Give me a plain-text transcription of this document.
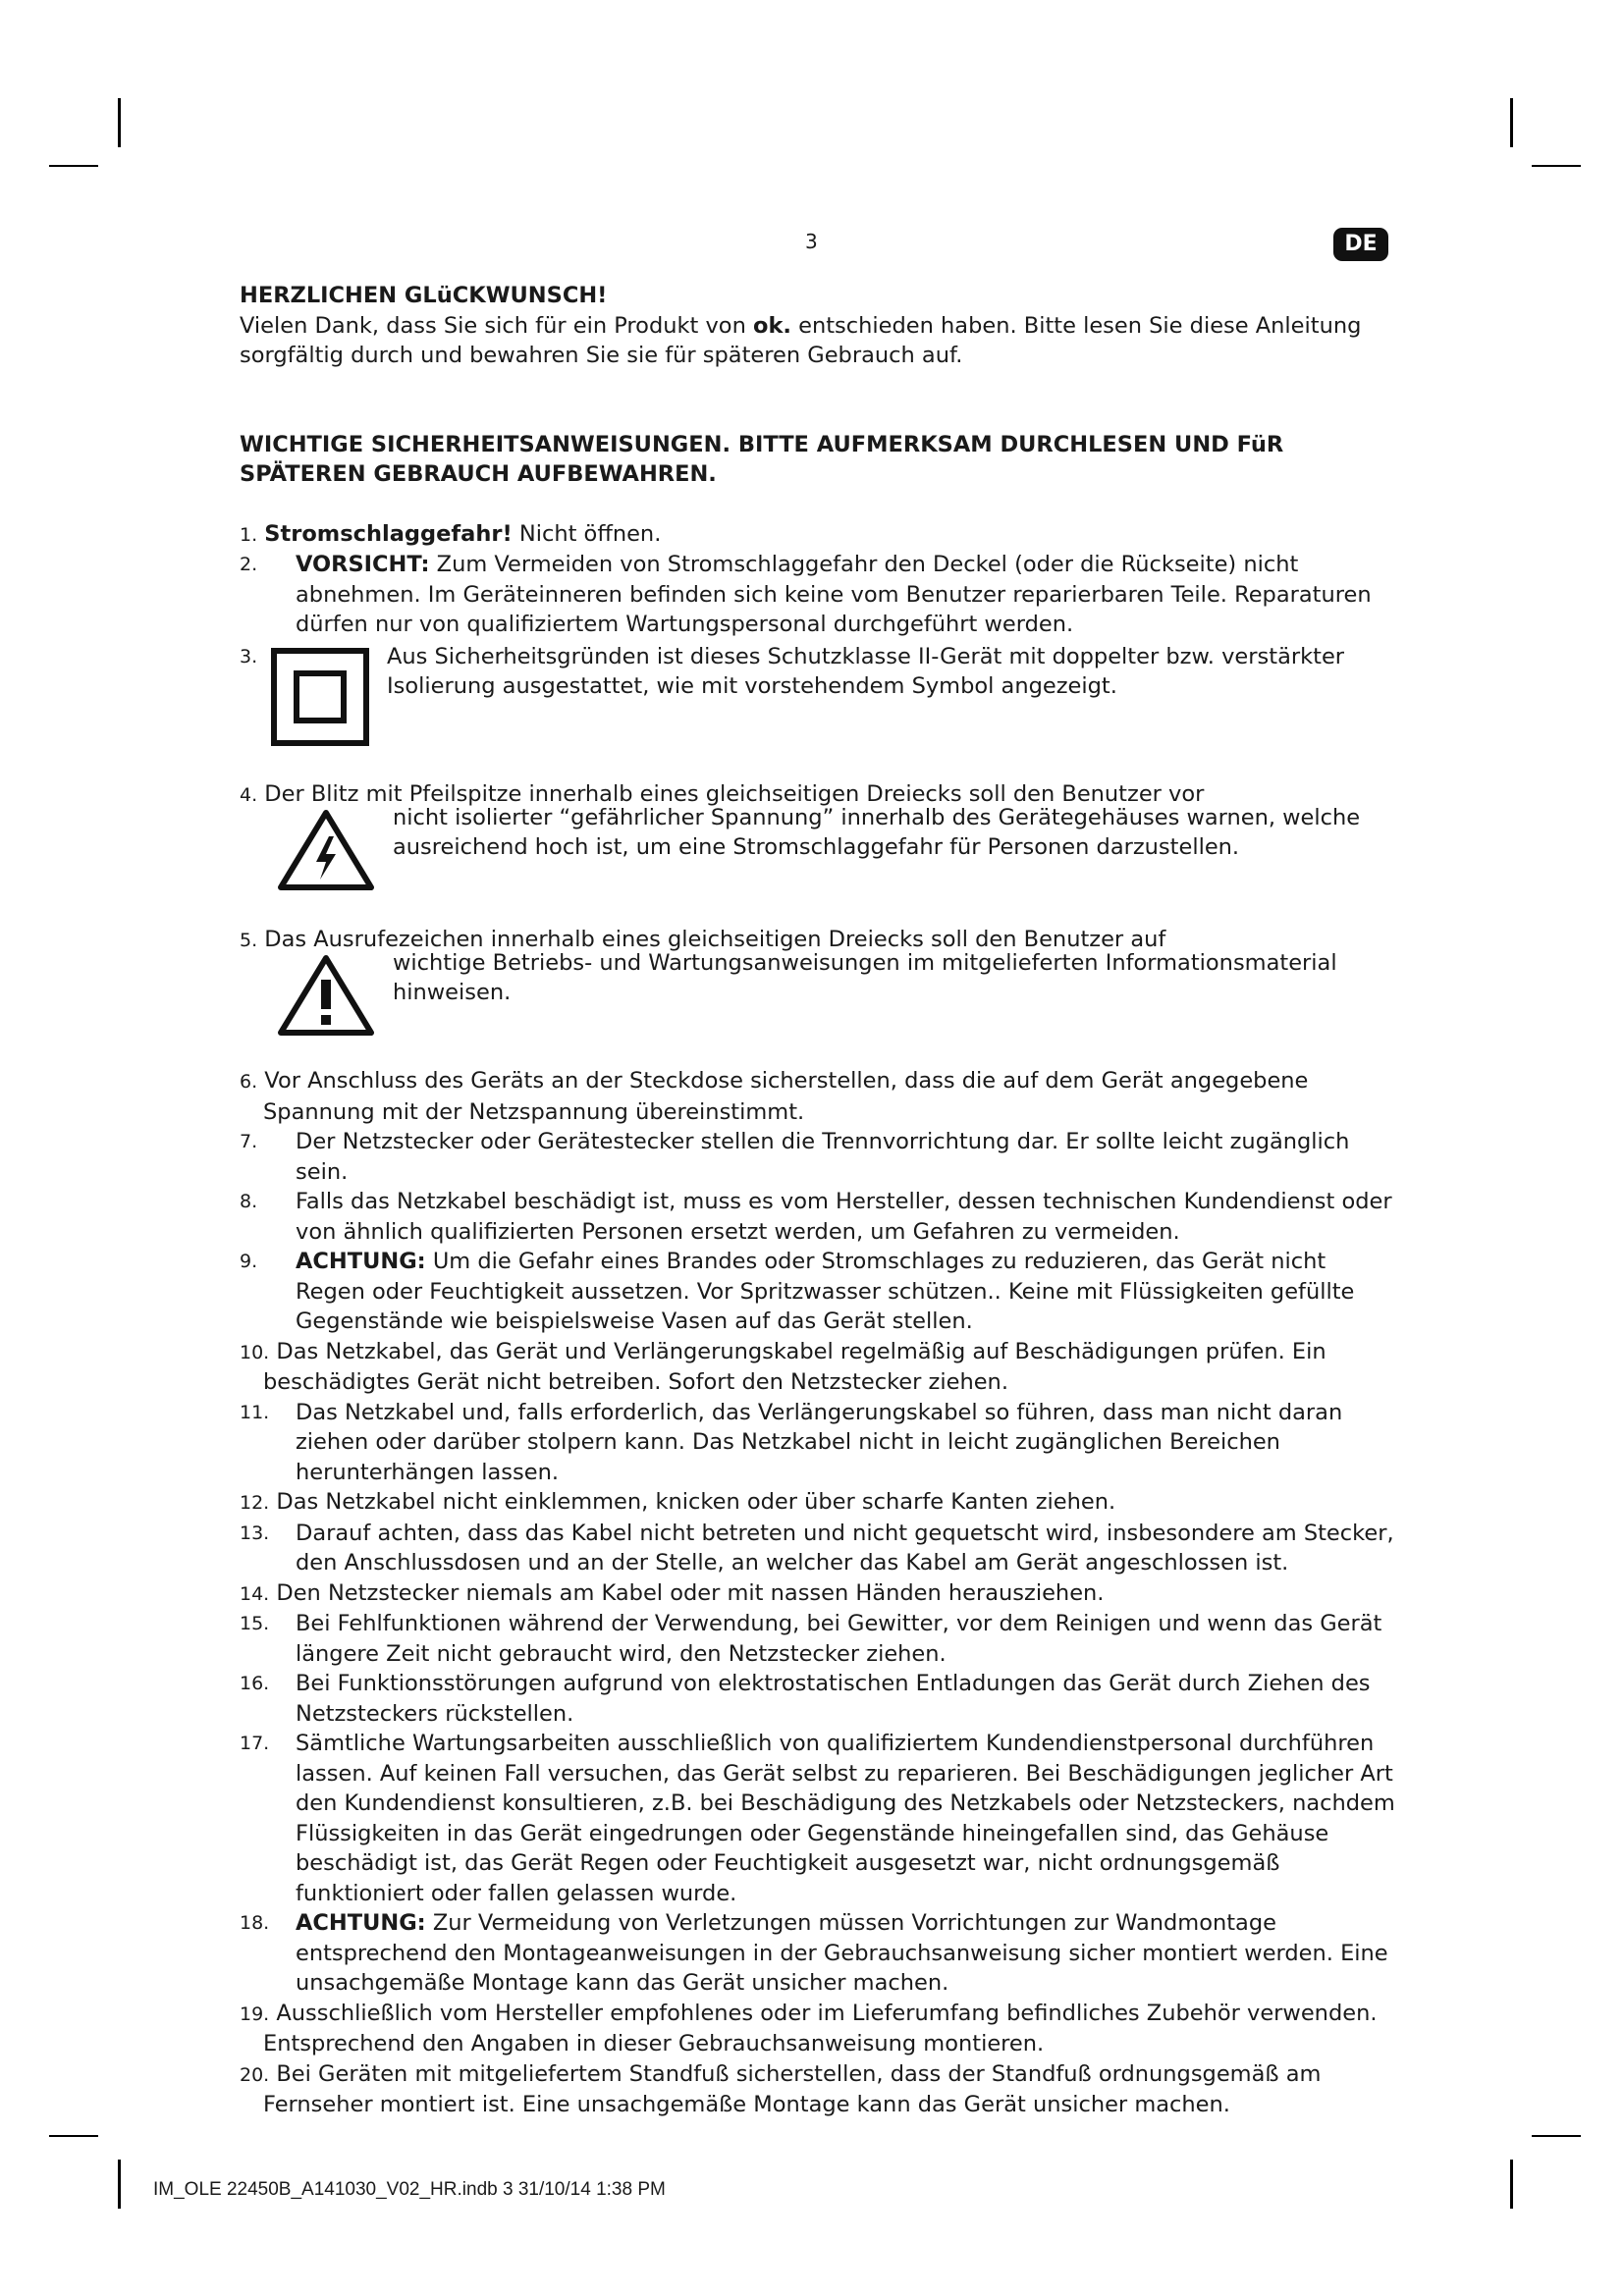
3	DE

HERZLICHEN GLüCKWUNSCH!

Vielen Dank, dass Sie sich für ein Produkt von ok. entschieden haben. Bitte lesen Sie diese Anleitung sorgfältig durch und bewahren Sie sie für späteren Gebrauch auf.

WICHTIGE SICHERHEITSANWEISUNGEN. BITTE AUFMERKSAM DURCHLESEN UND FüR SPÄTEREN GEBRAUCH AUFBEWAHREN.

1. Stromschlaggefahr! Nicht öffnen.
2.	VORSICHT: Zum Vermeiden von Stromschlaggefahr den Deckel (oder die Rückseite) nicht abnehmen. Im Geräteinneren befinden sich keine vom Benutzer reparierbaren Teile. Reparaturen dürfen nur von qualifiziertem Wartungspersonal durchgeführt werden.
3.	Aus Sicherheitsgründen ist dieses Schutzklasse II-Gerät mit doppelter bzw. verstärkter Isolierung ausgestattet, wie mit vorstehendem Symbol angezeigt.
4. Der Blitz mit Pfeilspitze innerhalb eines gleichseitigen Dreiecks soll den Benutzer vor
nicht isolierter “gefährlicher Spannung” innerhalb des Gerätegehäuses warnen, welche ausreichend hoch ist, um eine Stromschlaggefahr für Personen darzustellen.
5. Das Ausrufezeichen innerhalb eines gleichseitigen Dreiecks soll den Benutzer auf
wichtige Betriebs- und Wartungsanweisungen im mitgelieferten Informationsmaterial hinweisen.
6. Vor Anschluss des Geräts an der Steckdose sicherstellen, dass die auf dem Gerät angegebene Spannung mit der Netzspannung übereinstimmt.
7.	Der Netzstecker oder Gerätestecker stellen die Trennvorrichtung dar. Er sollte leicht zugänglich sein.
8.	Falls das Netzkabel beschädigt ist, muss es vom Hersteller, dessen technischen Kundendienst oder von ähnlich qualifizierten Personen ersetzt werden, um Gefahren zu vermeiden.
9.	ACHTUNG: Um die Gefahr eines Brandes oder Stromschlages zu reduzieren, das Gerät nicht Regen oder Feuchtigkeit aussetzen. Vor Spritzwasser schützen.. Keine mit Flüssigkeiten gefüllte Gegenstände wie beispielsweise Vasen auf das Gerät stellen.
10. Das Netzkabel, das Gerät und Verlängerungskabel regelmäßig auf Beschädigungen prüfen. Ein beschädigtes Gerät nicht betreiben. Sofort den Netzstecker ziehen.
11.	Das Netzkabel und, falls erforderlich, das Verlängerungskabel so führen, dass man nicht daran ziehen oder darüber stolpern kann. Das Netzkabel nicht in leicht zugänglichen Bereichen herunterhängen lassen.
12. Das Netzkabel nicht einklemmen, knicken oder über scharfe Kanten ziehen.
13.	Darauf achten, dass das Kabel nicht betreten und nicht gequetscht wird, insbesondere am Stecker, den Anschlussdosen und an der Stelle, an welcher das Kabel am Gerät angeschlossen ist.
14. Den Netzstecker niemals am Kabel oder mit nassen Händen herausziehen.
15.	Bei Fehlfunktionen während der Verwendung, bei Gewitter, vor dem Reinigen und wenn das Gerät längere Zeit nicht gebraucht wird, den Netzstecker ziehen.
16.	Bei Funktionsstörungen aufgrund von elektrostatischen Entladungen das Gerät durch Ziehen des Netzsteckers rückstellen.
17.	Sämtliche Wartungsarbeiten ausschließlich von qualifiziertem Kundendienstpersonal durchführen lassen. Auf keinen Fall versuchen, das Gerät selbst zu reparieren. Bei Beschädigungen jeglicher Art den Kundendienst konsultieren, z.B. bei Beschädigung des Netzkabels oder Netzsteckers, nachdem Flüssigkeiten in das Gerät eingedrungen oder Gegenstände hineingefallen sind, das Gehäuse beschädigt ist, das Gerät Regen oder Feuchtigkeit ausgesetzt war, nicht ordnungsgemäß funktioniert oder fallen gelassen wurde.
18.	ACHTUNG: Zur Vermeidung von Verletzungen müssen Vorrichtungen zur Wandmontage entsprechend den Montageanweisungen in der Gebrauchsanweisung sicher montiert werden. Eine unsachgemäße Montage kann das Gerät unsicher machen.
19. Ausschließlich vom Hersteller empfohlenes oder im Lieferumfang befindliches Zubehör verwenden. Entsprechend den Angaben in dieser Gebrauchsanweisung montieren.
20. Bei Geräten mit mitgeliefertem Standfuß sicherstellen, dass der Standfuß ordnungsgemäß am Fernseher montiert ist. Eine unsachgemäße Montage kann das Gerät unsicher machen.
IM_OLE 22450B_A141030_V02_HR.indb 3 31/10/14 1:38 PM
